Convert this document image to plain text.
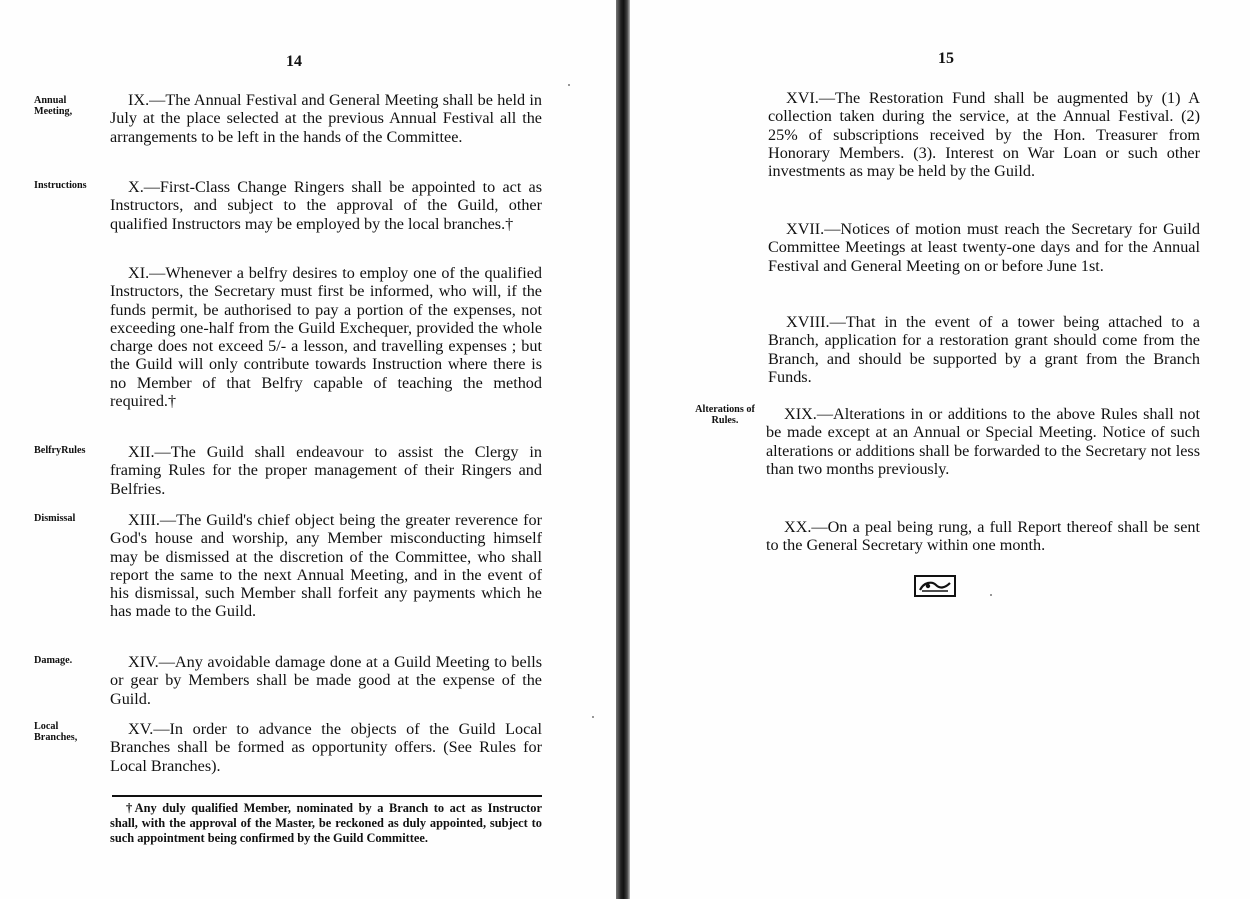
14
Annual Meeting,

IX.—The Annual Festival and General Meeting shall be held in July at the place selected at the previous Annual Festival all the arrangements to be left in the hands of the Committee.

Instructions	X.—First-Class Change Ringers shall be appointed to act as Instructors, and subject to the approval of the Guild, other qualified Instructors may be employed by the local branches.†

XI.—Whenever a belfry desires to employ one of the qualified Instructors, the Secretary must first be informed, who will, if the funds permit, be authorised to pay a portion of the expenses, not exceeding one-half from the Guild Exchequer, provided the whole charge does not exceed 5/- a lesson, and travelling expenses ; but the Guild will only contribute towards Instruction where there is no Member of that Belfry capable of teaching the method required.†

BelfryRules	XII.—The Guild shall endeavour to assist the Clergy in framing Rules for the proper management of their Ringers and Belfries.

Dismissal	XIII.—The Guild's chief object being the greater reverence for God's house and worship, any Member misconducting himself may be dismissed at the discretion of the Committee, who shall report the same to the next Annual Meeting, and in the event of his dismissal, such Member shall forfeit any payments which he has made to the Guild.

Damage.	XIV.—Any avoidable damage done at a Guild Meeting to bells or gear by Members shall be made good at the expense of the Guild.

Local Branches,	XV.—In order to advance the objects of the Guild Local Branches shall be formed as opportunity offers. (See Rules for Local Branches).

†Any duly qualified Member, nominated by a Branch to act as Instructor shall, with the approval of the Master, be reckoned as duly appointed, subject to such appointment being confirmed by the Guild Committee.

15

XVI.—The Restoration Fund shall be augmented by (1) A collection taken during the service, at the Annual Festival. (2) 25% of subscriptions received by the Hon. Treasurer from Honorary Members. (3). Interest on War Loan or such other investments as may be held by the Guild.

XVII.—Notices of motion must reach the Secretary for Guild Committee Meetings at least twenty-one days and for the Annual Festival and General Meeting on or before June 1st.

XVIII.—That in the event of a tower being attached to a Branch, application for a restoration grant should come from the Branch, and should be supported by a grant from the Branch Funds.

Alterations of Rules.	XIX.—Alterations in or additions to the above Rules shall not be made except at an Annual or Special Meeting. Notice of such alterations or additions shall be forwarded to the Secretary not less than two months previously.

XX.—On a peal being rung, a full Report thereof shall be sent to the General Secretary within one month.
